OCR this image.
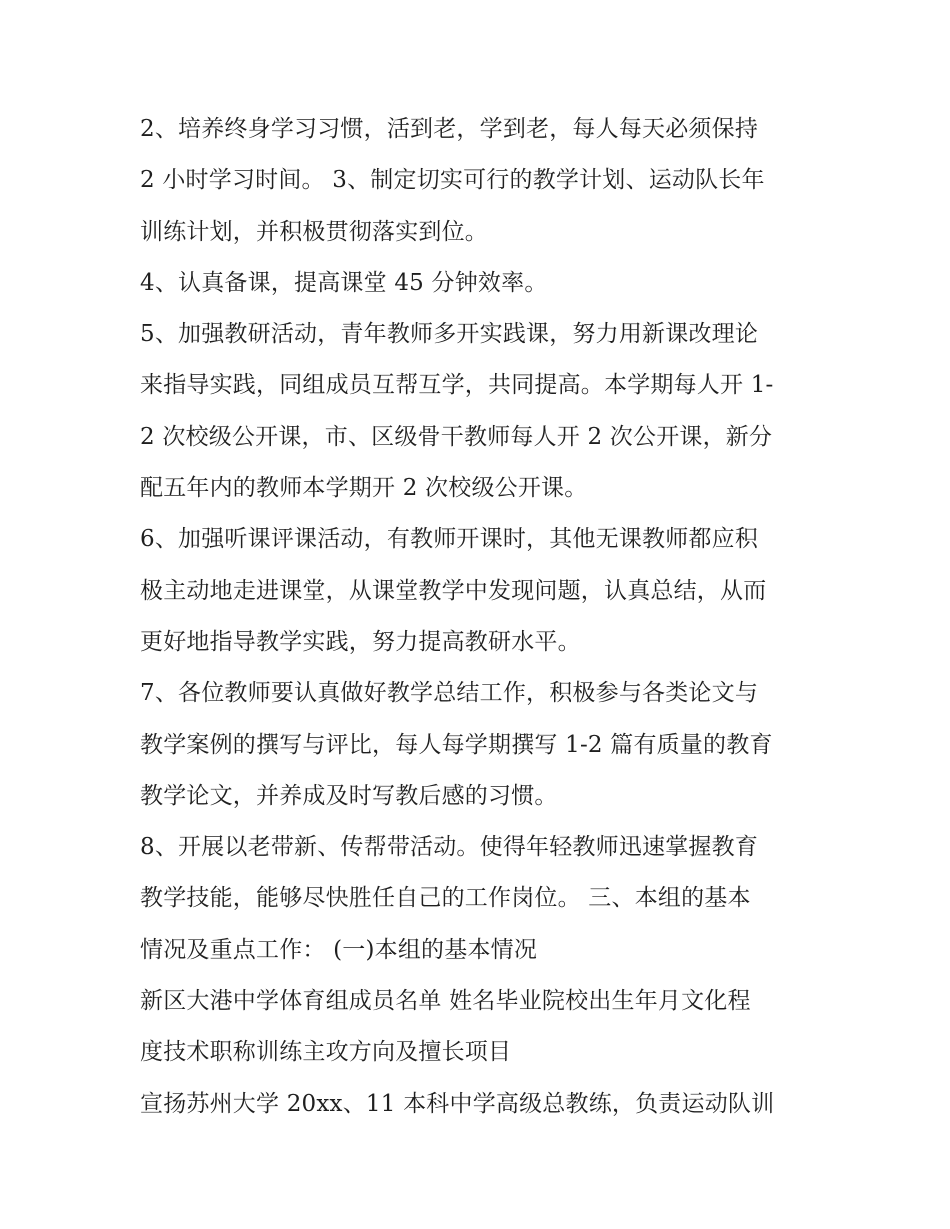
2、培养终身学习习惯，活到老，学到老，每人每天必须保持
2 小时学习时间。 3、制定切实可行的教学计划、运动队长年
训练计划，并积极贯彻落实到位。
4、认真备课，提高课堂 45 分钟效率。
5、加强教研活动，青年教师多开实践课，努力用新课改理论
来指导实践，同组成员互帮互学，共同提高。本学期每人开 1-
2 次校级公开课，市、区级骨干教师每人开 2 次公开课，新分
配五年内的教师本学期开 2 次校级公开课。
6、加强听课评课活动，有教师开课时，其他无课教师都应积
极主动地走进课堂，从课堂教学中发现问题，认真总结，从而
更好地指导教学实践，努力提高教研水平。
7、各位教师要认真做好教学总结工作，积极参与各类论文与
教学案例的撰写与评比，每人每学期撰写 1-2 篇有质量的教育
教学论文，并养成及时写教后感的习惯。
8、开展以老带新、传帮带活动。使得年轻教师迅速掌握教育
教学技能，能够尽快胜任自己的工作岗位。 三、本组的基本
情况及重点工作： (一)本组的基本情况
新区大港中学体育组成员名单 姓名毕业院校出生年月文化程
度技术职称训练主攻方向及擅长项目
宣扬苏州大学 20xx、11 本科中学高级总教练，负责运动队训
